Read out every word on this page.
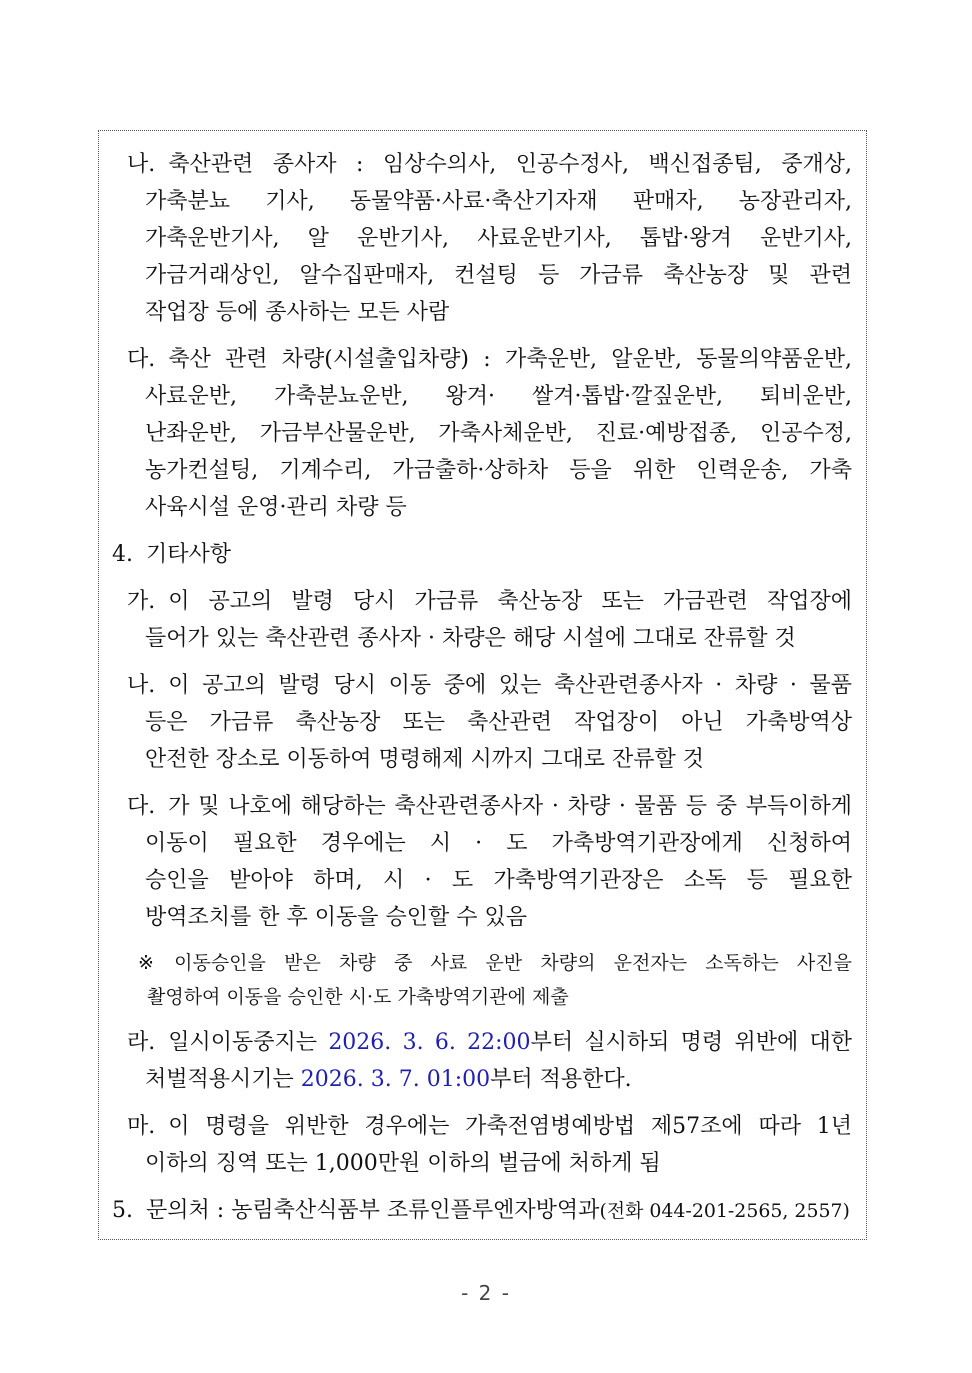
나. 축산관련 종사자 : 임상수의사, 인공수정사, 백신접종팀, 중개상,
가축분뇨 기사, 동물약품·사료·축산기자재 판매자, 농장관리자,
가축운반기사, 알 운반기사, 사료운반기사, 톱밥·왕겨 운반기사,
가금거래상인, 알수집판매자, 컨설팅 등 가금류 축산농장 및 관련
작업장 등에 종사하는 모든 사람
다. 축산 관련 차량(시설출입차량) : 가축운반, 알운반, 동물의약품운반,
사료운반, 가축분뇨운반, 왕겨· 쌀겨·톱밥·깔짚운반, 퇴비운반,
난좌운반, 가금부산물운반, 가축사체운반, 진료·예방접종, 인공수정,
농가컨설팅, 기계수리, 가금출하·상하차 등을 위한 인력운송, 가축
사육시설 운영·관리 차량 등
4. 기타사항
가. 이 공고의 발령 당시 가금류 축산농장 또는 가금관련 작업장에
들어가 있는 축산관련 종사자 · 차량은 해당 시설에 그대로 잔류할 것
나. 이 공고의 발령 당시 이동 중에 있는 축산관련종사자 · 차량 · 물품
등은 가금류 축산농장 또는 축산관련 작업장이 아닌 가축방역상
안전한 장소로 이동하여 명령해제 시까지 그대로 잔류할 것
다. 가 및 나호에 해당하는 축산관련종사자 · 차량 · 물품 등 중 부득이하게
이동이 필요한 경우에는 시 · 도 가축방역기관장에게 신청하여
승인을 받아야 하며, 시 · 도 가축방역기관장은 소독 등 필요한
방역조치를 한 후 이동을 승인할 수 있음
※ 이동승인을 받은 차량 중 사료 운반 차량의 운전자는 소독하는 사진을
촬영하여 이동을 승인한 시·도 가축방역기관에 제출
라. 일시이동중지는 2026. 3. 6. 22:00부터 실시하되 명령 위반에 대한
처벌적용시기는 2026. 3. 7. 01:00부터 적용한다.
마. 이 명령을 위반한 경우에는 가축전염병예방법 제57조에 따라 1년
이하의 징역 또는 1,000만원 이하의 벌금에 처하게 됨
5. 문의처 : 농림축산식품부 조류인플루엔자방역과(전화 044-201-2565, 2557)
- 2 -
